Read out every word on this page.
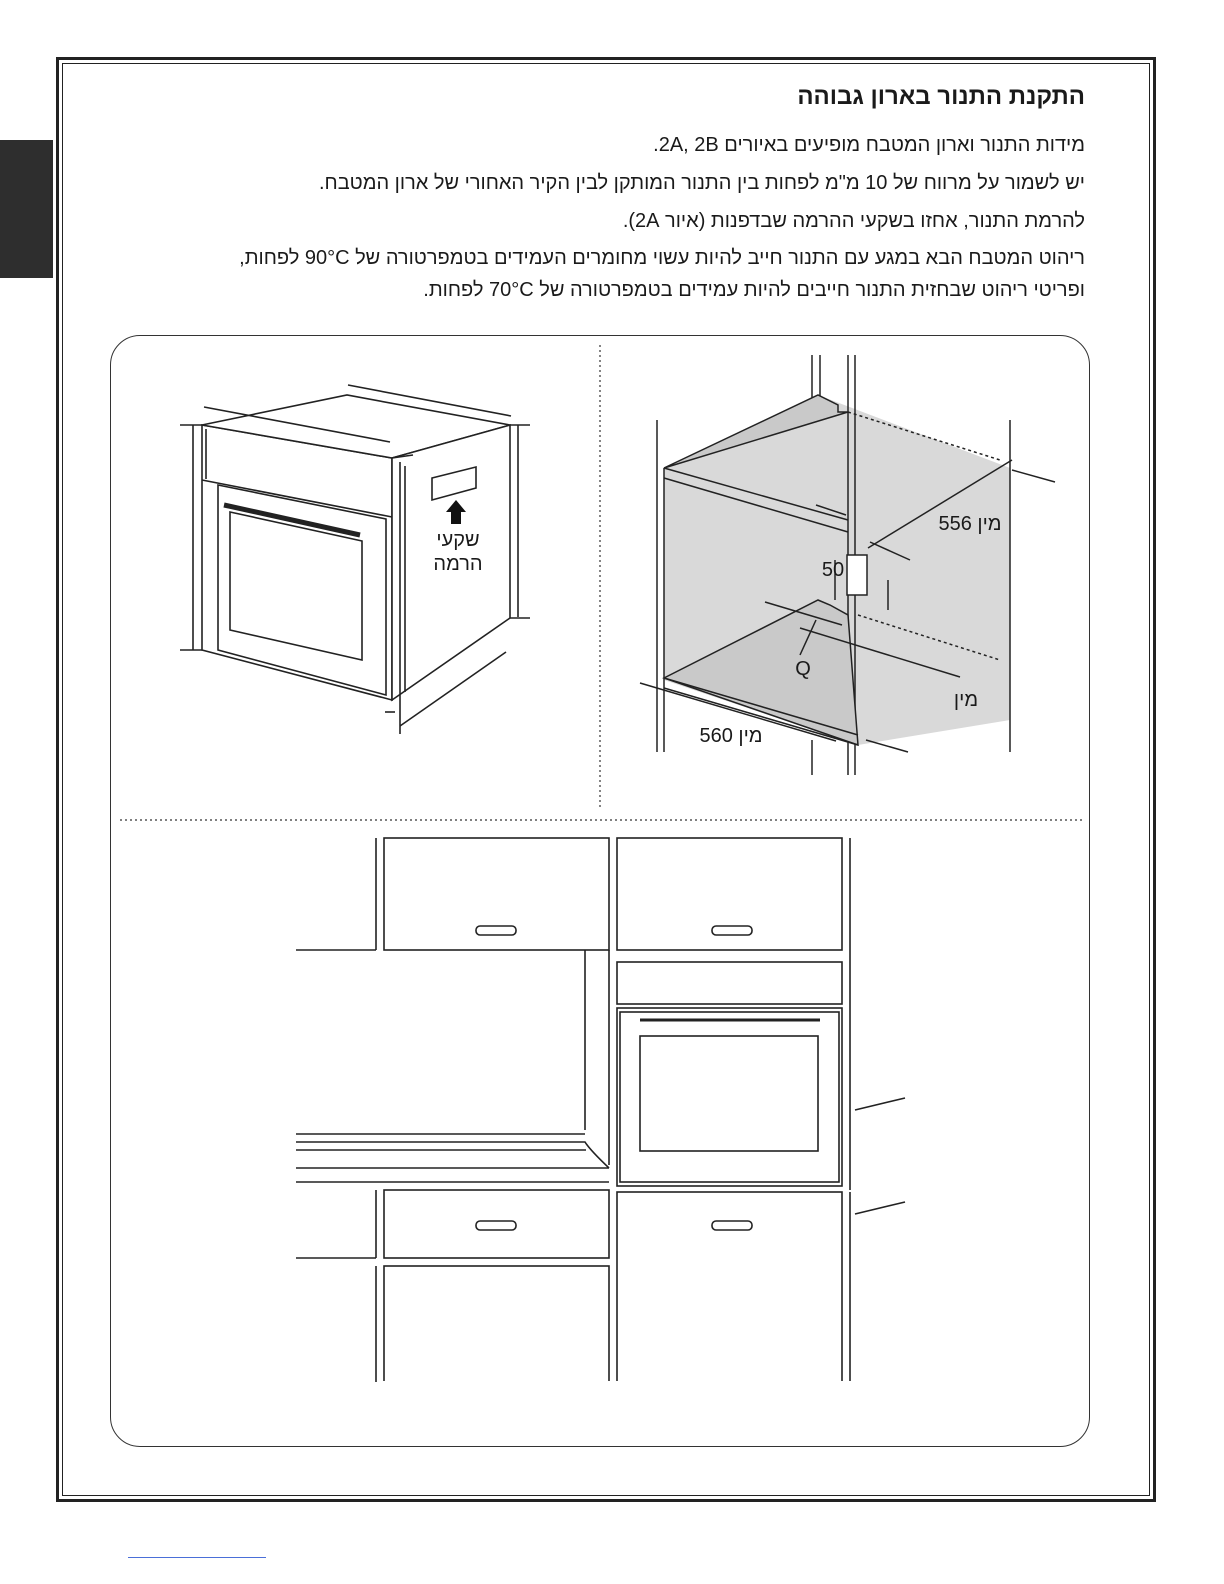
התקנת התנור בארון גבוהה
מידות התנור וארון המטבח מופיעים באיורים 2A, 2B.
יש לשמור על מרווח של 10 מ"מ לפחות בין התנור המותקן לבין הקיר האחורי של ארון המטבח.
להרמת התנור, אחזו בשקעי ההרמה שבדפנות (איור 2A).
ריהוט המטבח הבא במגע עם התנור חייב להיות עשוי מחומרים העמידים בטמפרטורה של 90°C לפחות,
ופריטי ריהוט שבחזית התנור חייבים להיות עמידים בטמפרטורה של 70°C לפחות.
שקעי
הרמה
מין 556
50
Q
מין
מין 560
